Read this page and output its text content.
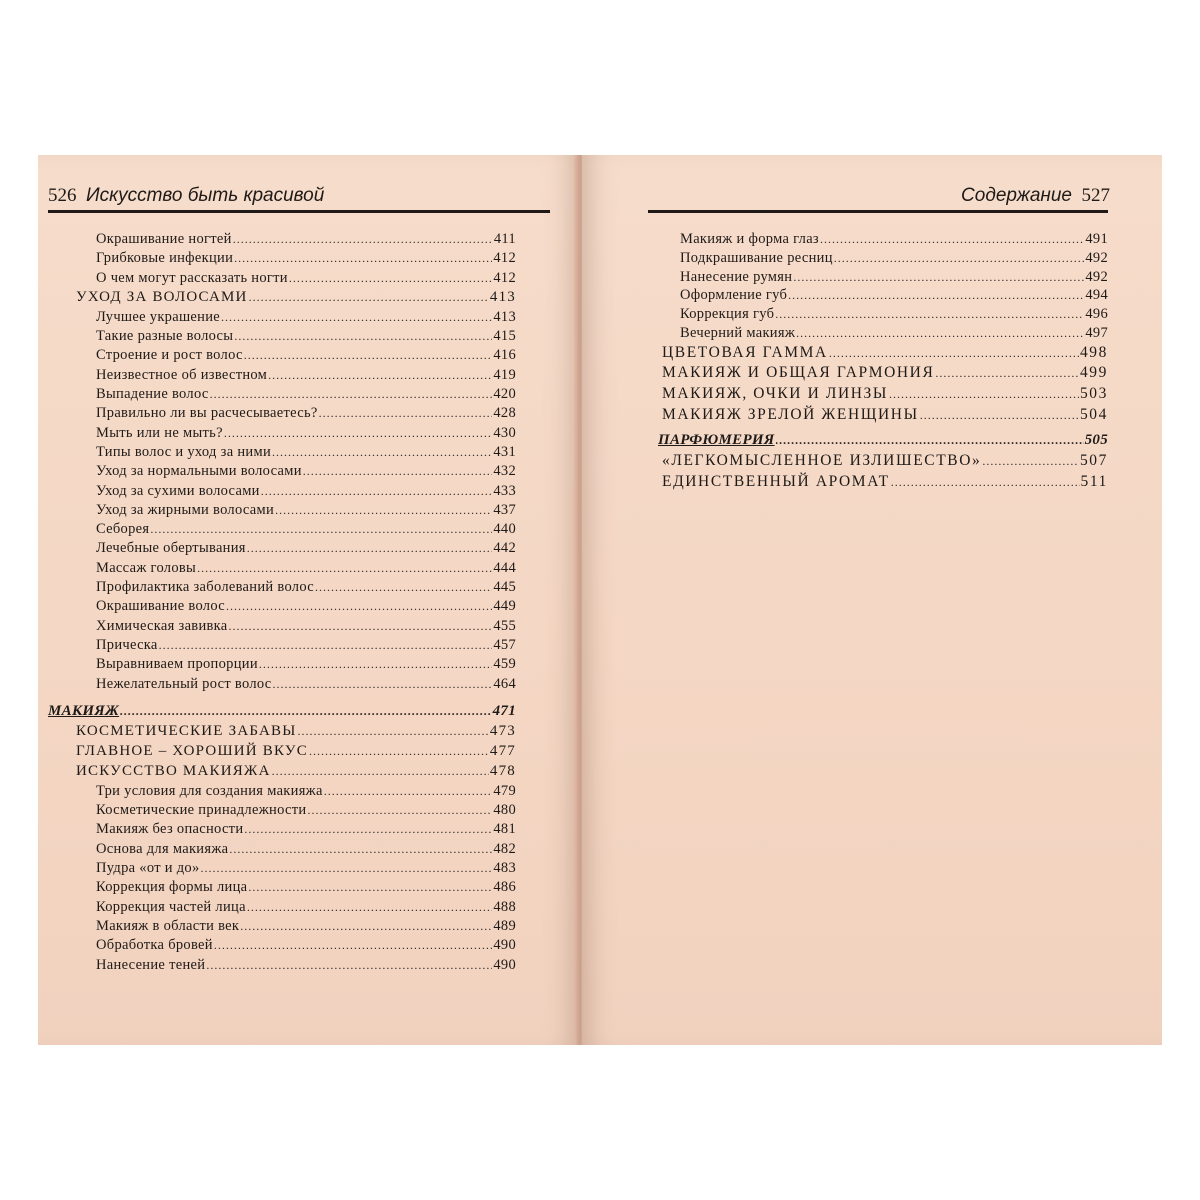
526 Искусство быть красивой
Окрашивание ногтей .....	411
Грибковые инфекции .....	412
О чем могут рассказать ногти .....	412
УХОД ЗА ВОЛОСАМИ .....	413
Лучшее украшение .....	413
Такие разные волосы .....	415
Строение и рост волос .....	416
Неизвестное об известном .....	419
Выпадение волос .....	420
Правильно ли вы расчесываетесь? .....	428
Мыть или не мыть? .....	430
Типы волос и уход за ними .....	431
Уход за нормальными волосами .....	432
Уход за сухими волосами .....	433
Уход за жирными волосами .....	437
Себорея .....	440
Лечебные обертывания .....	442
Массаж головы .....	444
Профилактика заболеваний волос .....	445
Окрашивание волос .....	449
Химическая завивка .....	455
Прическа .....	457
Выравниваем пропорции .....	459
Нежелательный рост волос .....	464
МАКИЯЖ .....	471
КОСМЕТИЧЕСКИЕ ЗАБАВЫ .....	473
ГЛАВНОЕ – ХОРОШИЙ ВКУС .....	477
ИСКУССТВО МАКИЯЖА .....	478
Три условия для создания макияжа .....	479
Косметические принадлежности .....	480
Макияж без опасности .....	481
Основа для макияжа .....	482
Пудра «от и до» .....	483
Коррекция формы лица .....	486
Коррекция частей лица .....	488
Макияж в области век .....	489
Обработка бровей .....	490
Нанесение теней .....	490
Содержание 527
Макияж и форма глаз .....	491
Подкрашивание ресниц .....	492
Нанесение румян .....	492
Оформление губ .....	494
Коррекция губ .....	496
Вечерний макияж .....	497
ЦВЕТОВАЯ ГАММА .....	498
МАКИЯЖ И ОБЩАЯ ГАРМОНИЯ .....	499
МАКИЯЖ, ОЧКИ И ЛИНЗЫ .....	503
МАКИЯЖ ЗРЕЛОЙ ЖЕНЩИНЫ .....	504
ПАРФЮМЕРИЯ .....	505
«ЛЕГКОМЫСЛЕННОЕ ИЗЛИШЕСТВО» .....	507
ЕДИНСТВЕННЫЙ АРОМАТ .....	511
